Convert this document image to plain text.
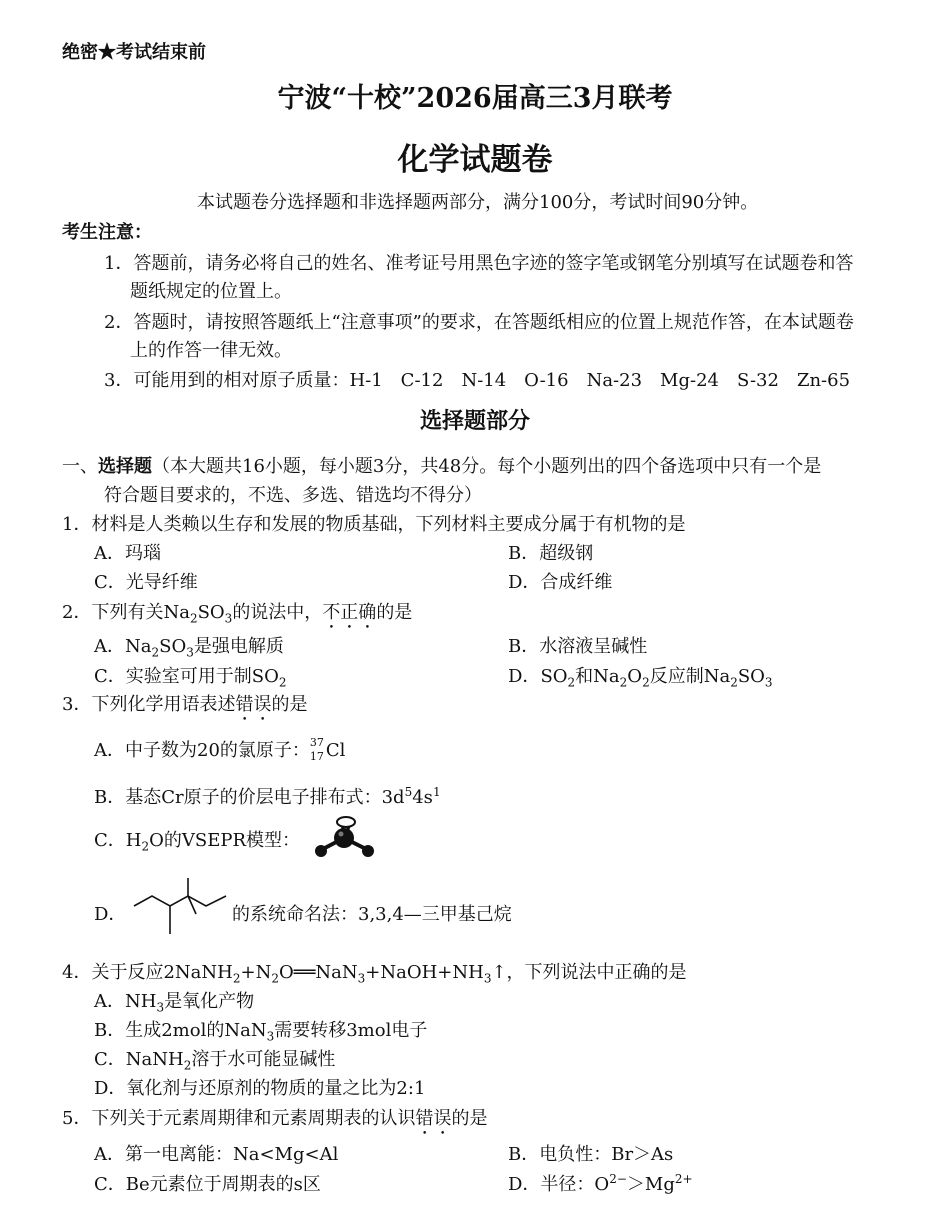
绝密★考试结束前
宁波“十校”2026届高三3月联考
化学试题卷
本试题卷分选择题和非选择题两部分，满分100分，考试时间90分钟。
考生注意：
1．答题前，请务必将自己的姓名、准考证号用黑色字迹的签字笔或钢笔分别填写在试题卷和答
题纸规定的位置上。
2．答题时，请按照答题纸上“注意事项”的要求，在答题纸相应的位置上规范作答，在本试题卷
上的作答一律无效。
3．可能用到的相对原子质量：H-1　C-12　N-14　O-16　Na-23　Mg-24　S-32　Zn-65
选择题部分
一、选择题（本大题共16小题，每小题3分，共48分。每个小题列出的四个备选项中只有一个是
符合题目要求的，不选、多选、错选均不得分）
1．材料是人类赖以生存和发展的物质基础，下列材料主要成分属于有机物的是
A．玛瑙	B．超级钢
C．光导纤维	D．合成纤维
2．下列有关$Na_2SO_3$的说法中，不正确的是
A．$Na_2SO_3$是强电解质	B．水溶液呈碱性
C．实验室可用于制$SO_2$	D．$SO_2$和$Na_2O_2$反应制$Na_2SO_3$
3．下列化学用语表述错误的是
A．中子数为20的氯原子： 37
17 Cl
B．基态Cr原子的价层电子排布式：$3d^54s^1$
C．$H_2O$的VSEPR模型：
D．	的系统命名法：3,3,4—三甲基己烷
4．关于反应$2NaNH_2+N_2O══NaN_3+NaOH+NH_3↑$，下列说法中正确的是
A．$NH_3$是氧化产物
B．生成2mol的NaN$_3$需要转移3mol电子
C．NaNH$_2$溶于水可能显碱性
D．氧化剂与还原剂的物质的量之比为2:1
5．下列关于元素周期律和元素周期表的认识错误的是
A．第一电离能：Na<Mg<Al	B．电负性：Br＞As
C．Be元素位于周期表的s区	D．半径：$O^{2-}>Mg^{2+}$
